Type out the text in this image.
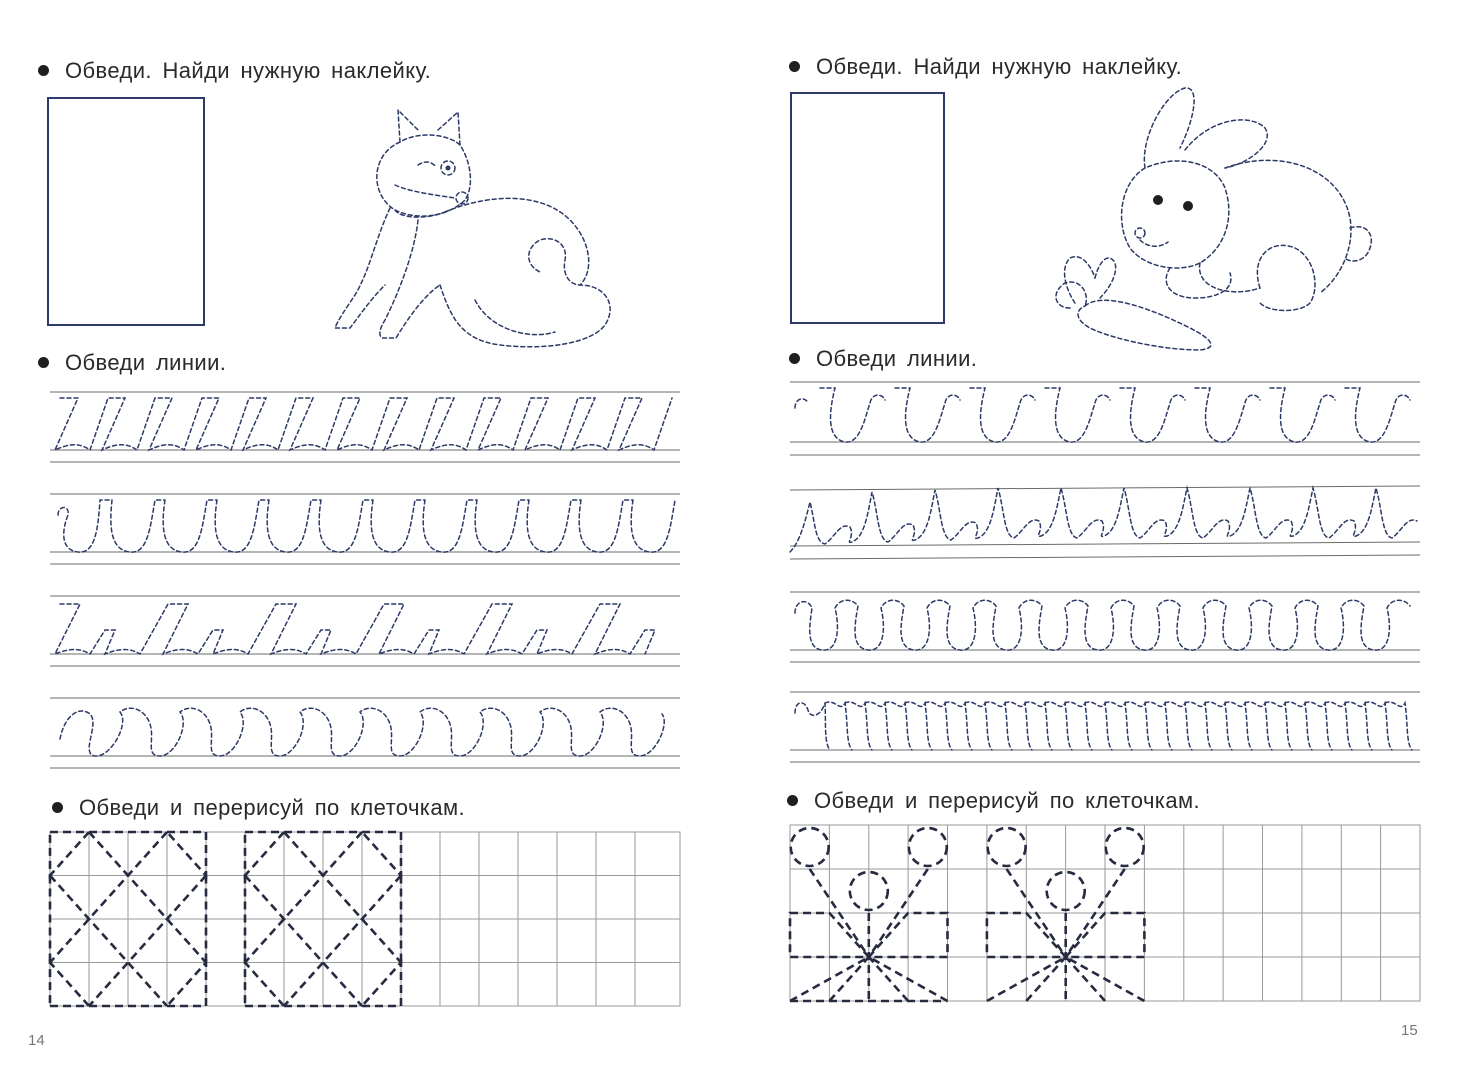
Обведи. Найди нужную наклейку.
Обведи линии.
Обведи и перерисуй по клеточкам.
14
Обведи. Найди нужную наклейку.
Обведи линии.
Обведи и перерисуй по клеточкам.
15
